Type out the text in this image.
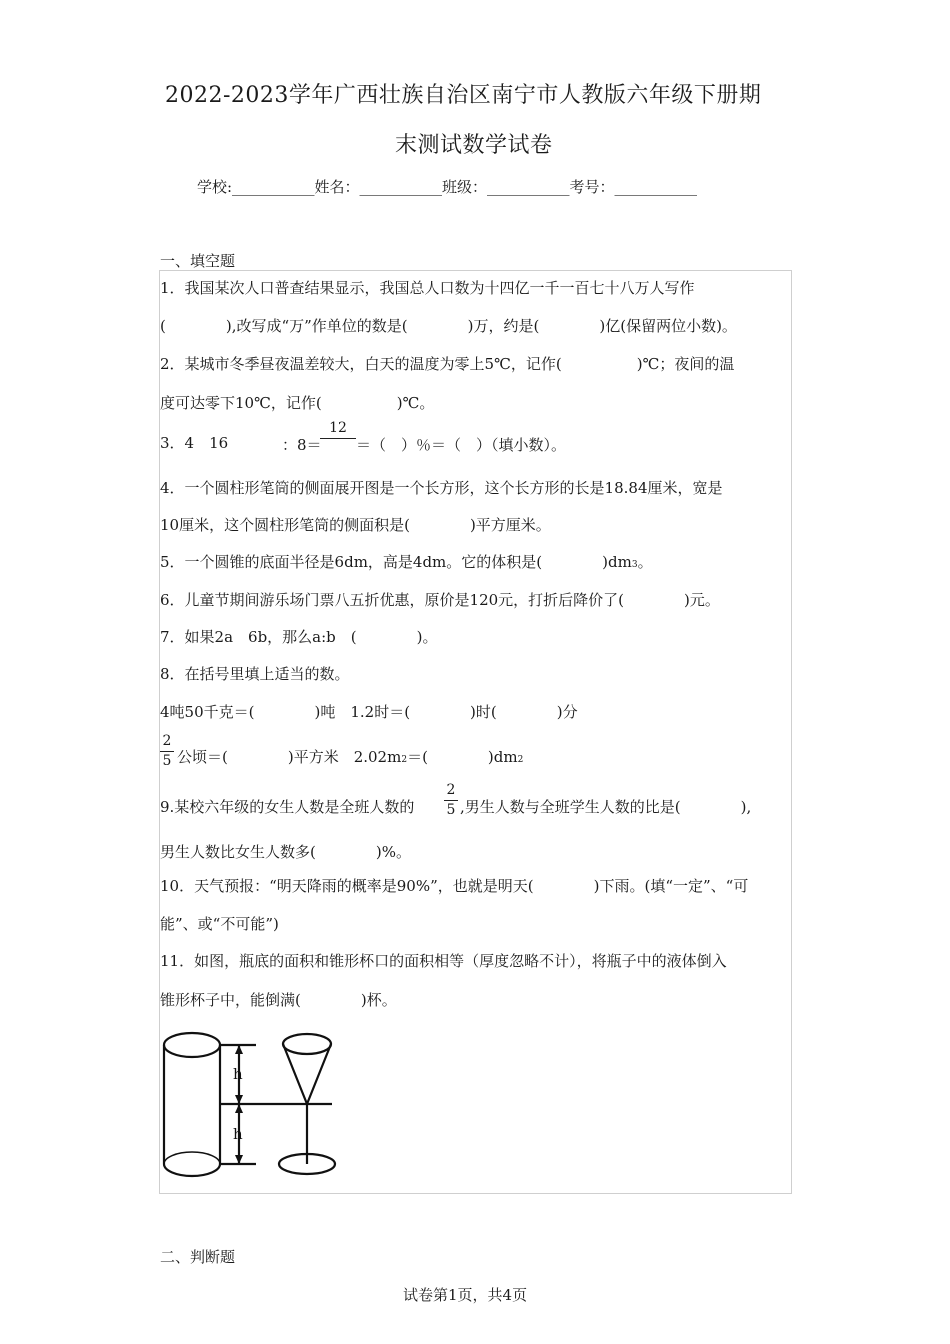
2022-2023学年广西壮族自治区南宁市人教版六年级下册期
末测试数学试卷
学校:___________姓名：___________班级：___________考号：___________
一、填空题
1．我国某次人口普查结果显示，我国总人口数为十四亿一千一百七十八万人写作
(　　　　),改写成“万”作单位的数是(　　　　)万，约是(　　　　)亿(保留两位小数)。
2．某城市冬季昼夜温差较大，白天的温度为零上5℃，记作(　　　　　)℃；夜间的温
度可达零下10℃，记作(　　　　　)℃。
3．4　16	：8＝
12
＝（　）％＝（　）（填小数）。
4．一个圆柱形笔筒的侧面展开图是一个长方形，这个长方形的长是18.84厘米，宽是
10厘米，这个圆柱形笔筒的侧面积是(　　　　)平方厘米。
5．一个圆锥的底面半径是6dm，高是4dm。它的体积是(　　　　)dm3。
6．儿童节期间游乐场门票八五折优惠，原价是120元，打折后降价了(　　　　)元。
7．如果2a　6b，那么a:b　(　　　　)。
8．在括号里填上适当的数。
4吨50千克＝(　　　　)吨　1.2时＝(　　　　)时(　　　　)分
2
5 公顷＝(　　　　)平方米　2.02m2＝(　　　　)dm2
9.某校六年级的女生人数是全班人数的
2
5 ,男生人数与全班学生人数的比是(　　　　),
男生人数比女生人数多(　　　　)%。
10．天气预报：“明天降雨的概率是90%”，也就是明天(　　　　)下雨。(填“一定”、“可
能”、或“不可能”)
11．如图，瓶底的面积和锥形杯口的面积相等（厚度忽略不计），将瓶子中的液体倒入
锥形杯子中，能倒满(　　　　)杯。
h
h
二、判断题
试卷第1页，共4页
